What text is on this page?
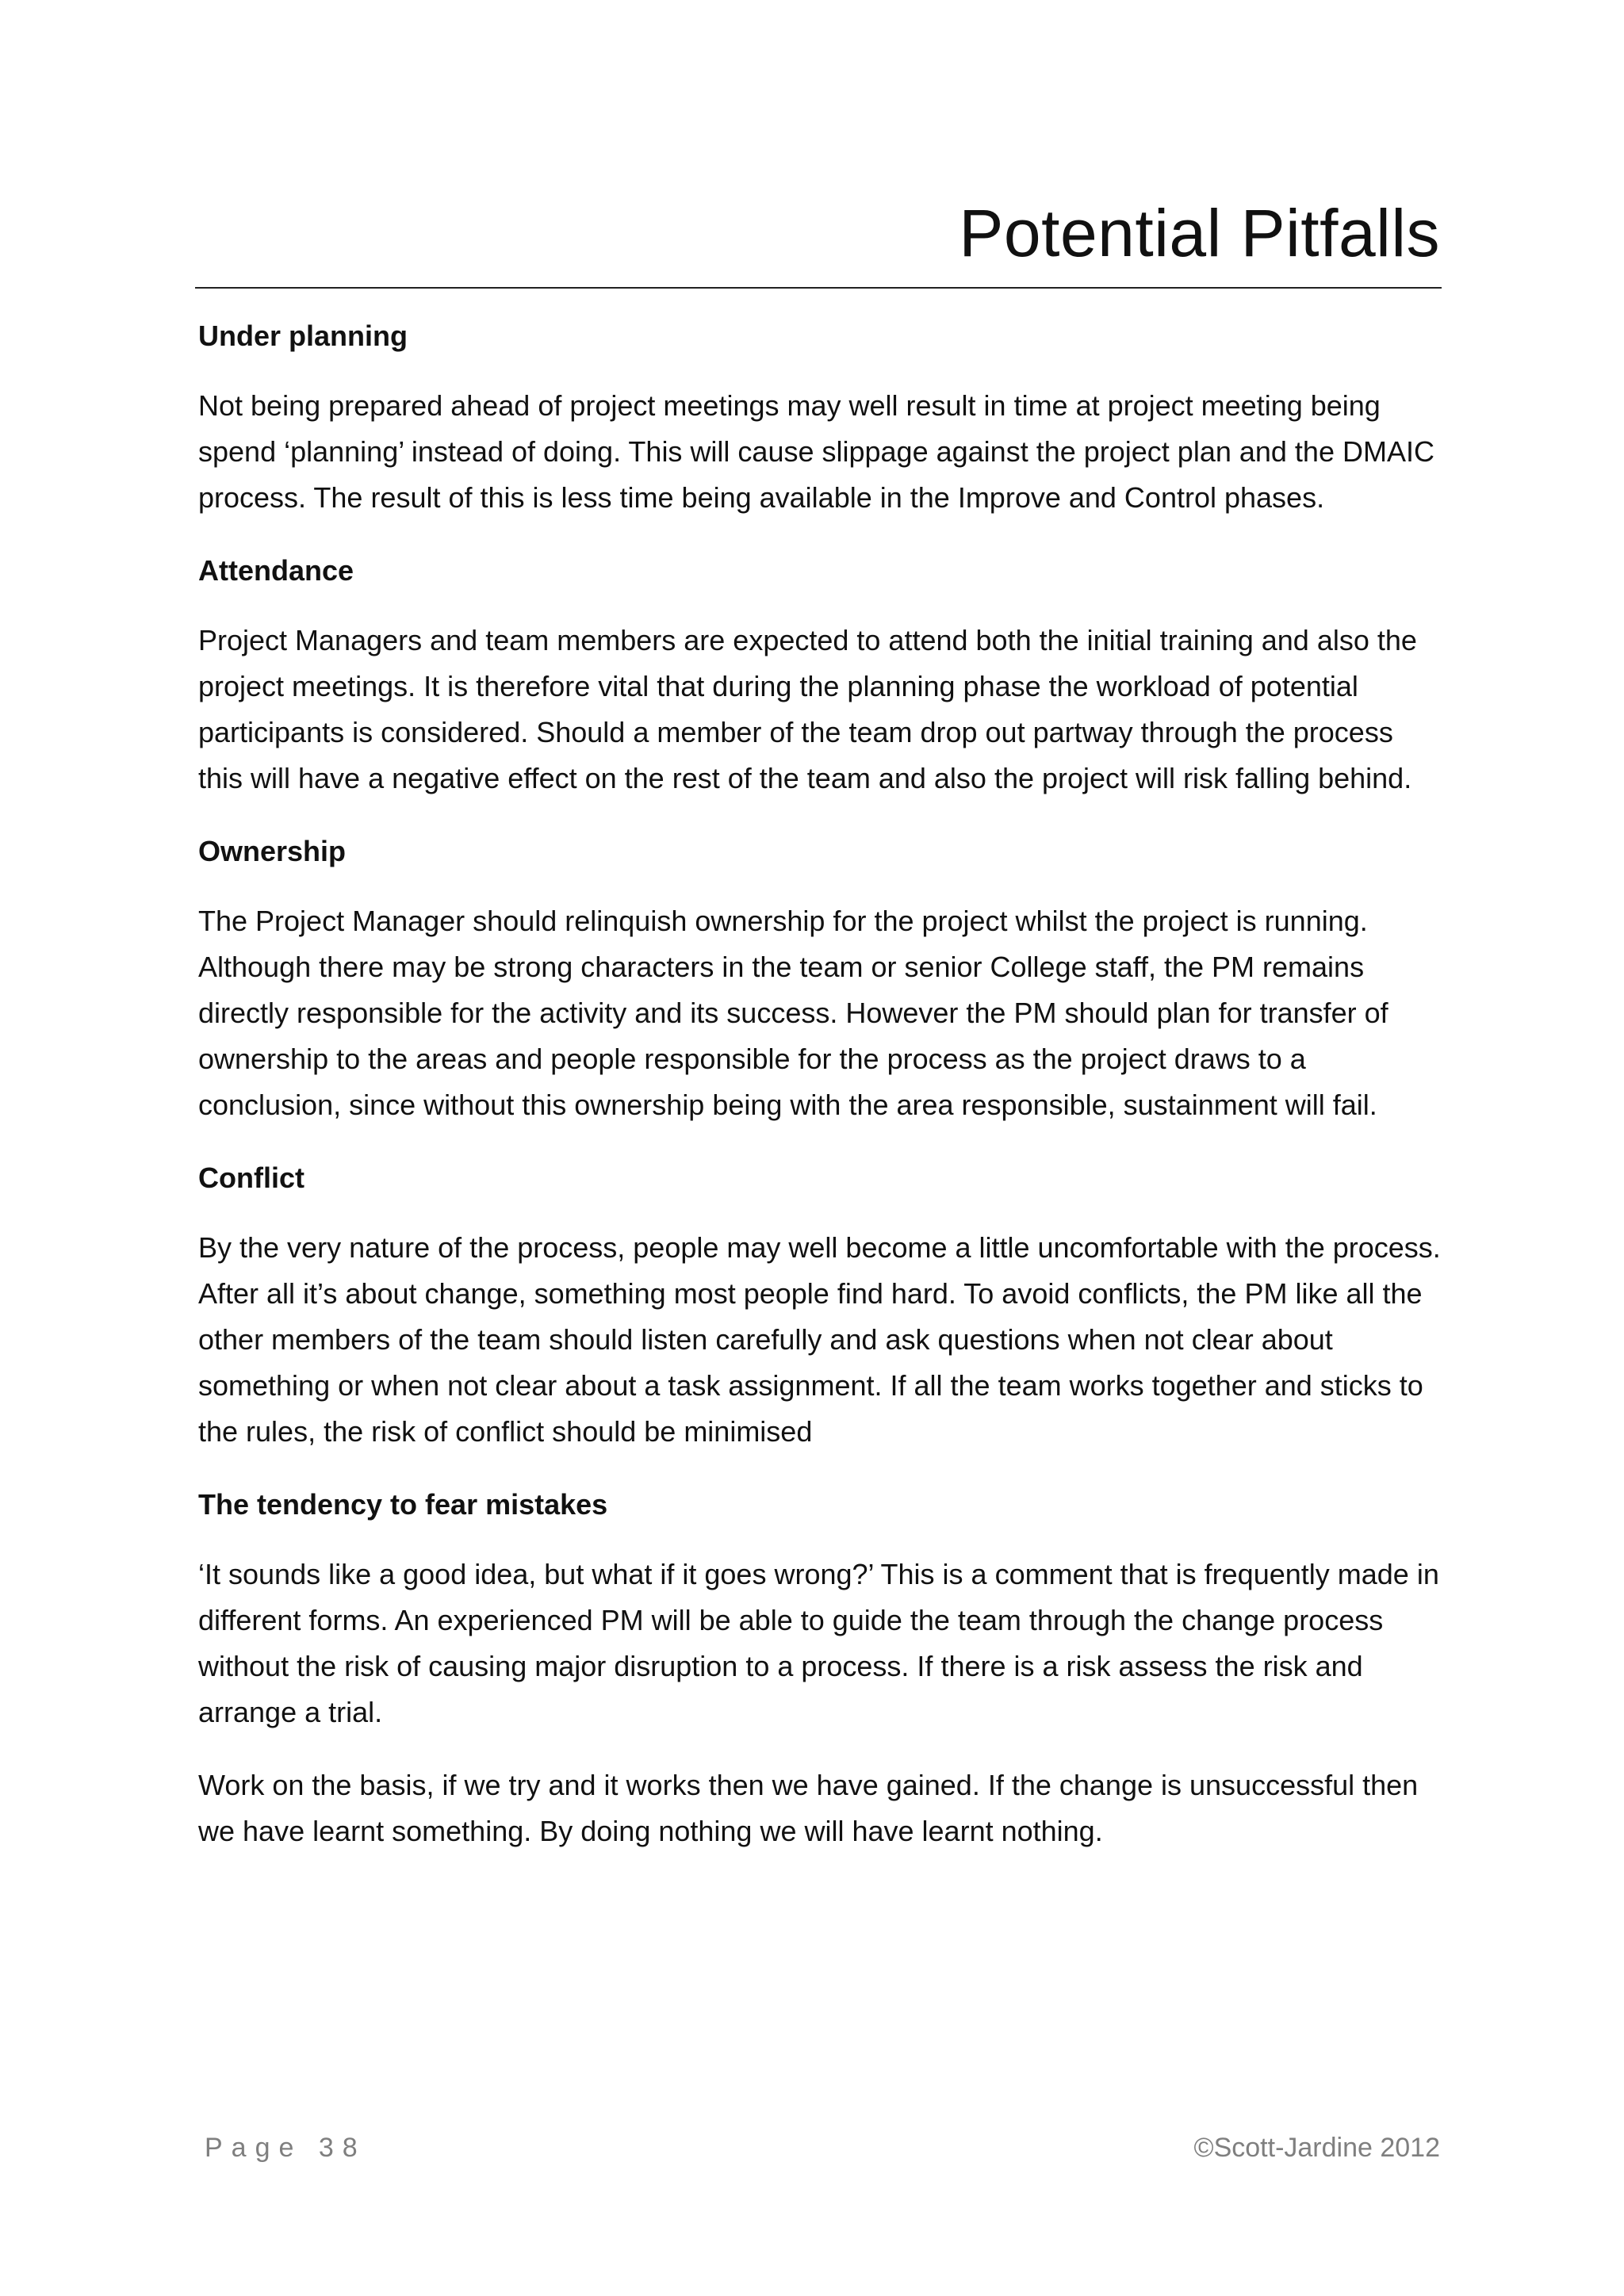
Potential Pitfalls
Under planning

Not being prepared ahead of project meetings may well result in time at project meeting being spend ‘planning’ instead of doing. This will cause slippage against the project plan and the DMAIC process. The result of this is less time being available in the Improve and Control phases.

Attendance

Project Managers and team members are expected to attend both the initial training and also the project meetings. It is therefore vital that during the planning phase the workload of potential participants is considered. Should a member of the team drop out partway through the process this will have a negative effect on the rest of the team and also the project will risk falling behind.

Ownership

The Project Manager should relinquish ownership for the project whilst the project is running. Although there may be strong characters in the team or senior College staff, the PM remains directly responsible for the activity and its success. However the PM should plan for transfer of ownership to the areas and people responsible for the process as the project draws to a conclusion, since without this ownership being with the area responsible, sustainment will fail.

Conflict

By the very nature of the process, people may well become a little uncomfortable with the process. After all it’s about change, something most people find hard. To avoid conflicts, the PM like all the other members of the team should listen carefully and ask questions when not clear about something or when not clear about a task assignment. If all the team works together and sticks to the rules, the risk of conflict should be minimised

The tendency to fear mistakes

‘It sounds like a good idea, but what if it goes wrong?’ This is a comment that is frequently made in different forms. An experienced PM will be able to guide the team through the change process without the risk of causing major disruption to a process. If there is a risk assess the risk and arrange a trial.

Work on the basis, if we try and it works then we have gained. If the change is unsuccessful then we have learnt something. By doing nothing we will have learnt nothing.

Page 38	©Scott-Jardine 2012
